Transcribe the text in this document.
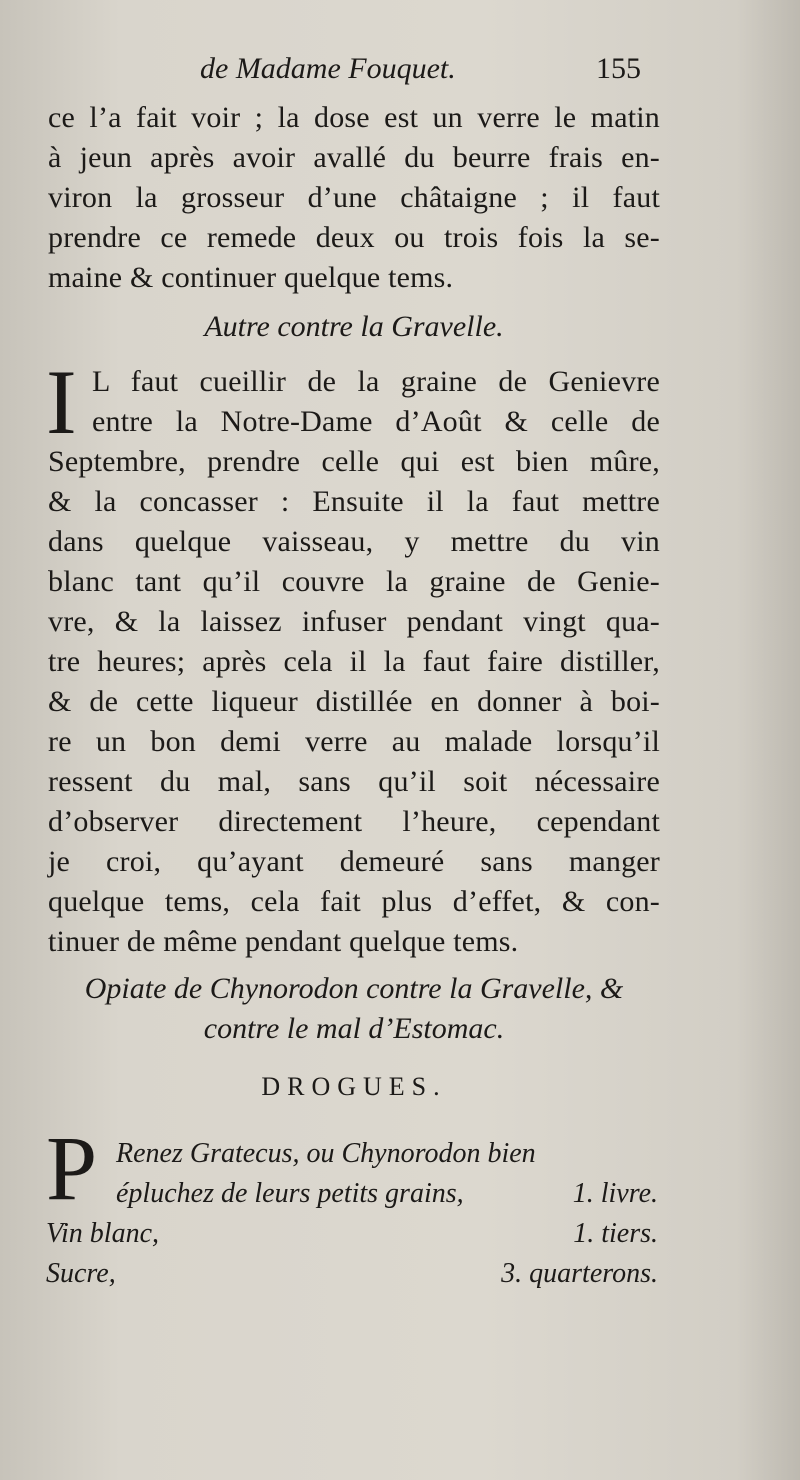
de Madame Fouquet.	155
ce l’a fait voir ; la dose est un verre le matin
à jeun après avoir avallé du beurre frais en-
viron la grosseur d’une châtaigne ; il faut
prendre ce remede deux ou trois fois la se-
maine & continuer quelque tems.
Autre contre la Gravelle.
I L faut cueillir de la graine de Genievre
entre la Notre-Dame d’Août & celle de
Septembre, prendre celle qui est bien mûre,
& la concasser : Ensuite il la faut mettre
dans quelque vaisseau, y mettre du vin
blanc tant qu’il couvre la graine de Genie-
vre, & la laissez infuser pendant vingt qua-
tre heures; après cela il la faut faire distiller,
& de cette liqueur distillée en donner à boi-
re un bon demi verre au malade lorsqu’il
ressent du mal, sans qu’il soit nécessaire
d’observer directement l’heure, cependant
je croi, qu’ayant demeuré sans manger
quelque tems, cela fait plus d’effet, & con-
tinuer de même pendant quelque tems.
Opiate de Chynorodon contre la Gravelle, &
contre le mal d’Estomac.
DROGUES.
P Renez Gratecus, ou Chynorodon bien
épluchez de leurs petits grains,	1. livre.
Vin blanc,	1. tiers.
Sucre,	3. quarterons.
